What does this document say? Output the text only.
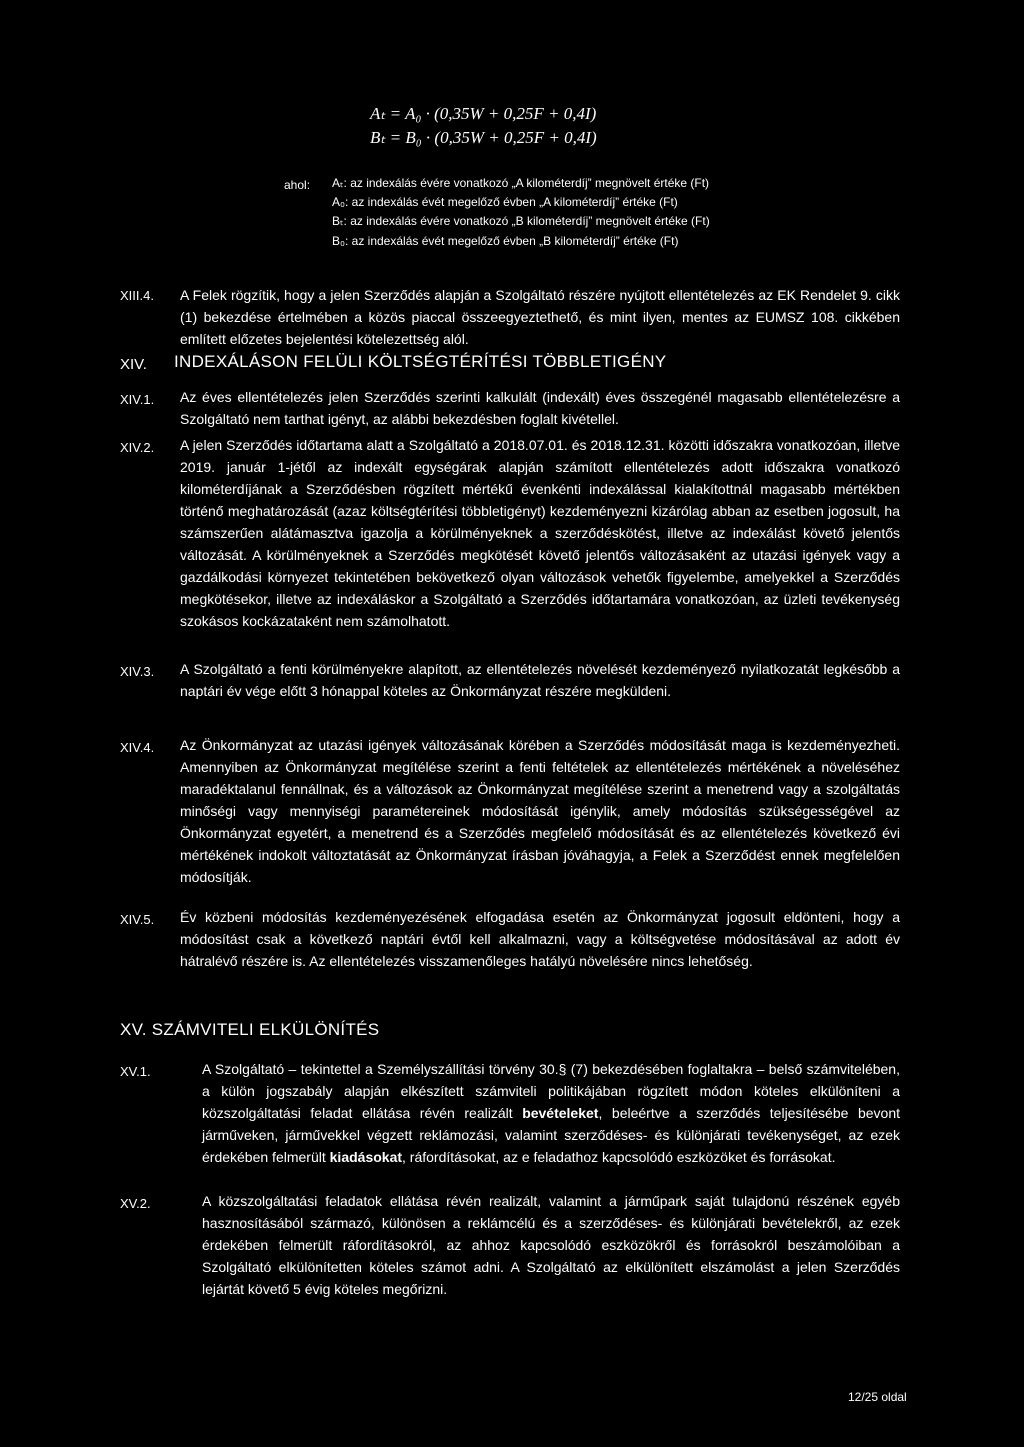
Aₜ = A₀ · (0,35W + 0,25F + 0,4I)
Bₜ = B₀ · (0,35W + 0,25F + 0,4I)
ahol: Aₜ: az indexálás évére vonatkozó „A kilométerdíj” megnövelt értéke (Ft)
A₀: az indexálás évét megelőző évben „A kilométerdíj” értéke (Ft)
Bₜ: az indexálás évére vonatkozó „B kilométerdíj” megnövelt értéke (Ft)
B₀: az indexálás évét megelőző évben „B kilométerdíj” értéke (Ft)
XIII.4. A Felek rögzítik, hogy a jelen Szerződés alapján a Szolgáltató részére nyújtott ellentételezés az EK Rendelet 9. cikk (1) bekezdése értelmében a közös piaccal összeegyeztethető, és mint ilyen, mentes az EUMSZ 108. cikkében említett előzetes bejelentési kötelezettség alól.
XIV. INDEXÁLÁSON FELÜLI KÖLTSÉGTÉRÍTÉSI TÖBBLETIGÉNY
XIV.1. Az éves ellentételezés jelen Szerződés szerinti kalkulált (indexált) éves összegénél magasabb ellentételezésre a Szolgáltató nem tarthat igényt, az alábbi bekezdésben foglalt kivétellel.
XIV.2. A jelen Szerződés időtartama alatt a Szolgáltató a 2018.07.01. és 2018.12.31. közötti időszakra vonatkozóan, illetve 2019. január 1-jétől az indexált egységárak alapján számított ellentételezés adott időszakra vonatkozó kilométerdíjának a Szerződésben rögzített mértékű évenkénti indexálással kialakítottnál magasabb mértékben történő meghatározását (azaz költségtérítési többletigényt) kezdeményezni kizárólag abban az esetben jogosult, ha számszerűen alátámasztva igazolja a körülményeknek a szerződéskötést, illetve az indexálást követő jelentős változását. A körülményeknek a Szerződés megkötését követő jelentős változásaként az utazási igények vagy a gazdálkodási környezet tekintetében bekövetkező olyan változások vehetők figyelembe, amelyekkel a Szerződés megkötésekor, illetve az indexáláskor a Szolgáltató a Szerződés időtartamára vonatkozóan, az üzleti tevékenység szokásos kockázataként nem számolhatott.
XIV.3. A Szolgáltató a fenti körülményekre alapított, az ellentételezés növelését kezdeményező nyilatkozatát legkésőbb a naptári év vége előtt 3 hónappal köteles az Önkormányzat részére megküldeni.
XIV.4. Az Önkormányzat az utazási igények változásának körében a Szerződés módosítását maga is kezdeményezheti. Amennyiben az Önkormányzat megítélése szerint a fenti feltételek az ellentételezés mértékének a növeléséhez maradéktalanul fennállnak, és a változások az Önkormányzat megítélése szerint a menetrend vagy a szolgáltatás minőségi vagy mennyiségi paramétereinek módosítását igénylik, amely módosítás szükségességével az Önkormányzat egyetért, a menetrend és a Szerződés megfelelő módosítását és az ellentételezés következő évi mértékének indokolt változtatását az Önkormányzat írásban jóváhagyja, a Felek a Szerződést ennek megfelelően módosítják.
XIV.5. Év közbeni módosítás kezdeményezésének elfogadása esetén az Önkormányzat jogosult eldönteni, hogy a módosítást csak a következő naptári évtől kell alkalmazni, vagy a költségvetése módosításával az adott év hátralévő részére is. Az ellentételezés visszamenőleges hatályú növelésére nincs lehetőség.
XV. SZÁMVITELI ELKÜLÖNÍTÉS
XV.1.	A Szolgáltató – tekintettel a Személyszállítási törvény 30.§ (7) bekezdésében foglaltakra – belső számvitelében, a külön jogszabály alapján elkészített számviteli politikájában rögzített módon köteles elkülöníteni a közszolgáltatási feladat ellátása révén realizált bevételeket, beleértve a szerződés teljesítésébe bevont járműveken, járművekkel végzett reklámozási, valamint szerződéses- és különjárati tevékenységet, az ezek érdekében felmerült kiadásokat, ráfordításokat, az e feladathoz kapcsolódó eszközöket és forrásokat.
XV.2.	A közszolgáltatási feladatok ellátása révén realizált, valamint a járműpark saját tulajdonú részének egyéb hasznosításából származó, különösen a reklámcélú és a szerződéses- és különjárati bevételekről, az ezek érdekében felmerült ráfordításokról, az ahhoz kapcsolódó eszközökről és forrásokról beszámolóiban a Szolgáltató elkülönítetten köteles számot adni. A Szolgáltató az elkülönített elszámolást a jelen Szerződés lejártát követő 5 évig köteles megőrizni.
12/25 oldal
